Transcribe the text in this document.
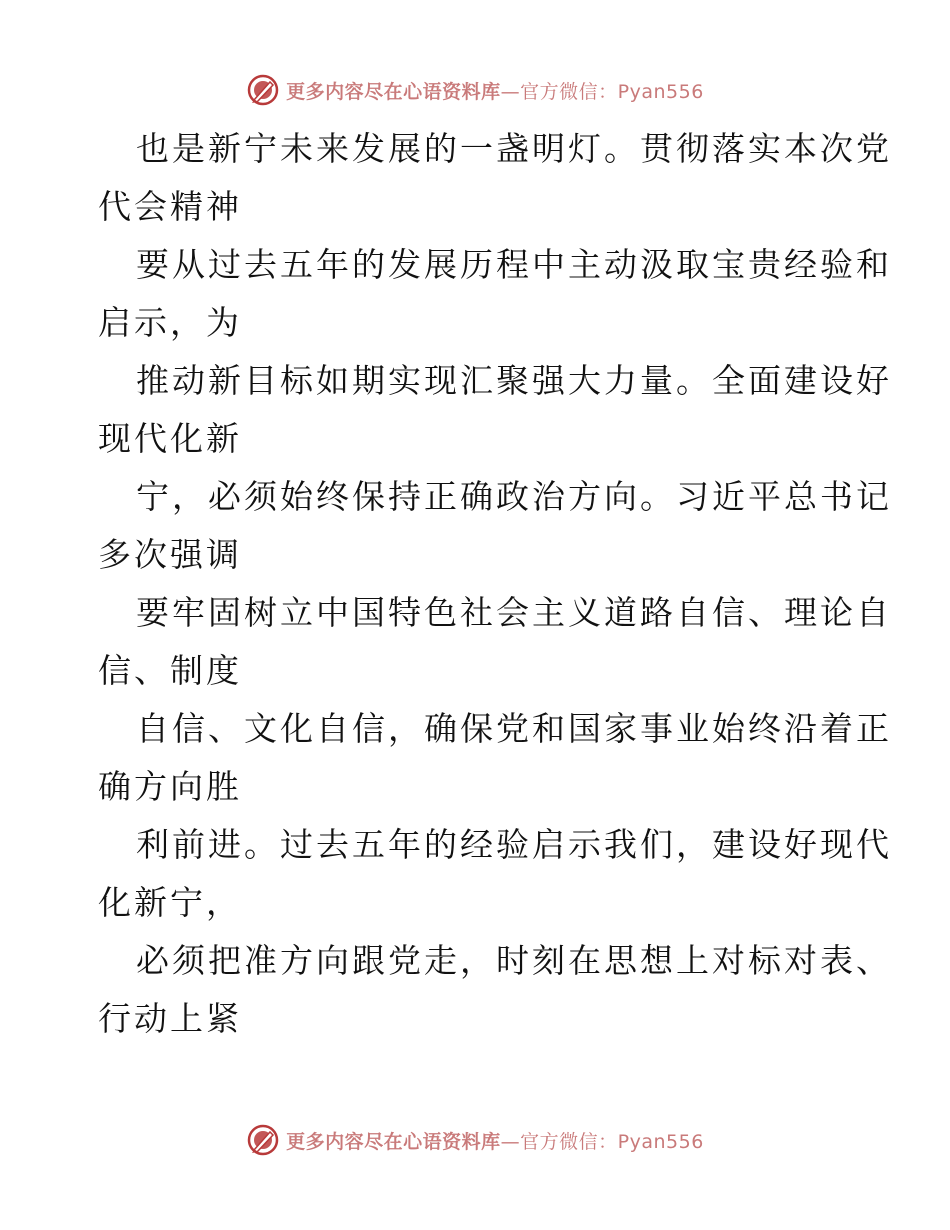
更多内容尽在心语资料库—官方微信：Pyan556
也是新宁未来发展的一盏明灯。贯彻落实本次党
代会精神
要从过去五年的发展历程中主动汲取宝贵经验和
启示，为
推动新目标如期实现汇聚强大力量。全面建设好
现代化新
宁，必须始终保持正确政治方向。习近平总书记
多次强调
要牢固树立中国特色社会主义道路自信、理论自
信、制度
自信、文化自信，确保党和国家事业始终沿着正
确方向胜
利前进。过去五年的经验启示我们，建设好现代
化新宁，
必须把准方向跟党走，时刻在思想上对标对表、
行动上紧
更多内容尽在心语资料库—官方微信：Pyan556
